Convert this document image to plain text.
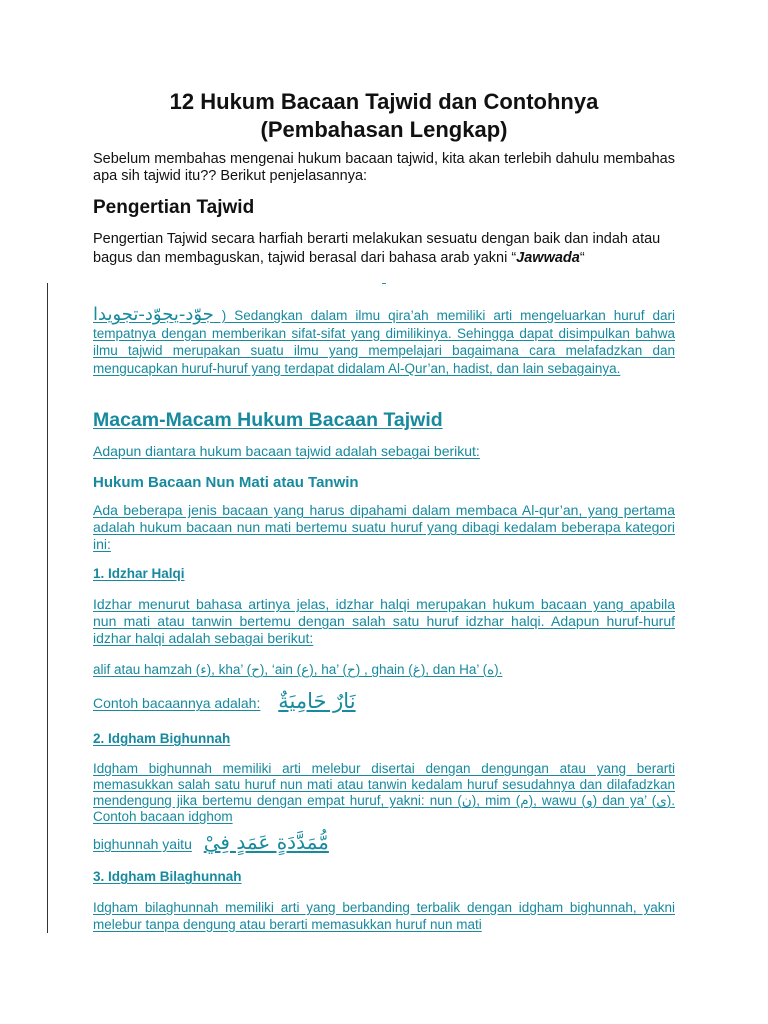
12 Hukum Bacaan Tajwid dan Contohnya
(Pembahasan Lengkap)
Sebelum membahas mengenai hukum bacaan tajwid, kita akan terlebih dahulu membahas apa sih tajwid itu?? Berikut penjelasannya:
Pengertian Tajwid
Pengertian Tajwid secara harfiah berarti melakukan sesuatu dengan baik dan indah atau bagus dan membaguskan, tajwid berasal dari bahasa arab yakni “Jawwada“
جوّد-يجوّد-تجويدا ) Sedangkan dalam ilmu qira’ah memiliki arti mengeluarkan huruf dari tempatnya dengan memberikan sifat-sifat yang dimilikinya. Sehingga dapat disimpulkan bahwa ilmu tajwid merupakan suatu ilmu yang mempelajari bagaimana cara melafadzkan dan mengucapkan huruf-huruf yang terdapat didalam Al-Qur’an, hadist, dan lain sebagainya.
Macam-Macam Hukum Bacaan Tajwid
Adapun diantara hukum bacaan tajwid adalah sebagai berikut:
Hukum Bacaan Nun Mati atau Tanwin
Ada beberapa jenis bacaan yang harus dipahami dalam membaca Al-qur’an, yang pertama adalah hukum bacaan nun mati bertemu suatu huruf yang dibagi kedalam beberapa kategori ini:
1. Idzhar Halqi
Idzhar menurut bahasa artinya jelas, idzhar halqi merupakan hukum bacaan yang apabila nun mati atau tanwin bertemu dengan salah satu huruf idzhar halqi. Adapun huruf-huruf idzhar halqi adalah sebagai berikut:
alif atau hamzah (ء), kha’ (ح), ‘ain (ع), ha’ (ح) , ghain (غ), dan Ha’ (ه).
Contoh bacaannya adalah: نَارٌ حَامِيَةٌ
2. Idgham Bighunnah
Idgham bighunnah memiliki arti melebur disertai dengan dengungan atau yang berarti memasukkan salah satu huruf nun mati atau tanwin kedalam huruf sesudahnya dan dilafadzkan mendengung jika bertemu dengan empat huruf, yakni: nun (ن), mim (م), wawu (و) dan ya’ (ى). Contoh bacaan idghom
bighunnah yaitu مُّمَدَّدَةٍ عَمَدٍ فِيْ
3. Idgham Bilaghunnah
Idgham bilaghunnah memiliki arti yang berbanding terbalik dengan idgham bighunnah, yakni melebur tanpa dengung atau berarti memasukkan huruf nun mati
